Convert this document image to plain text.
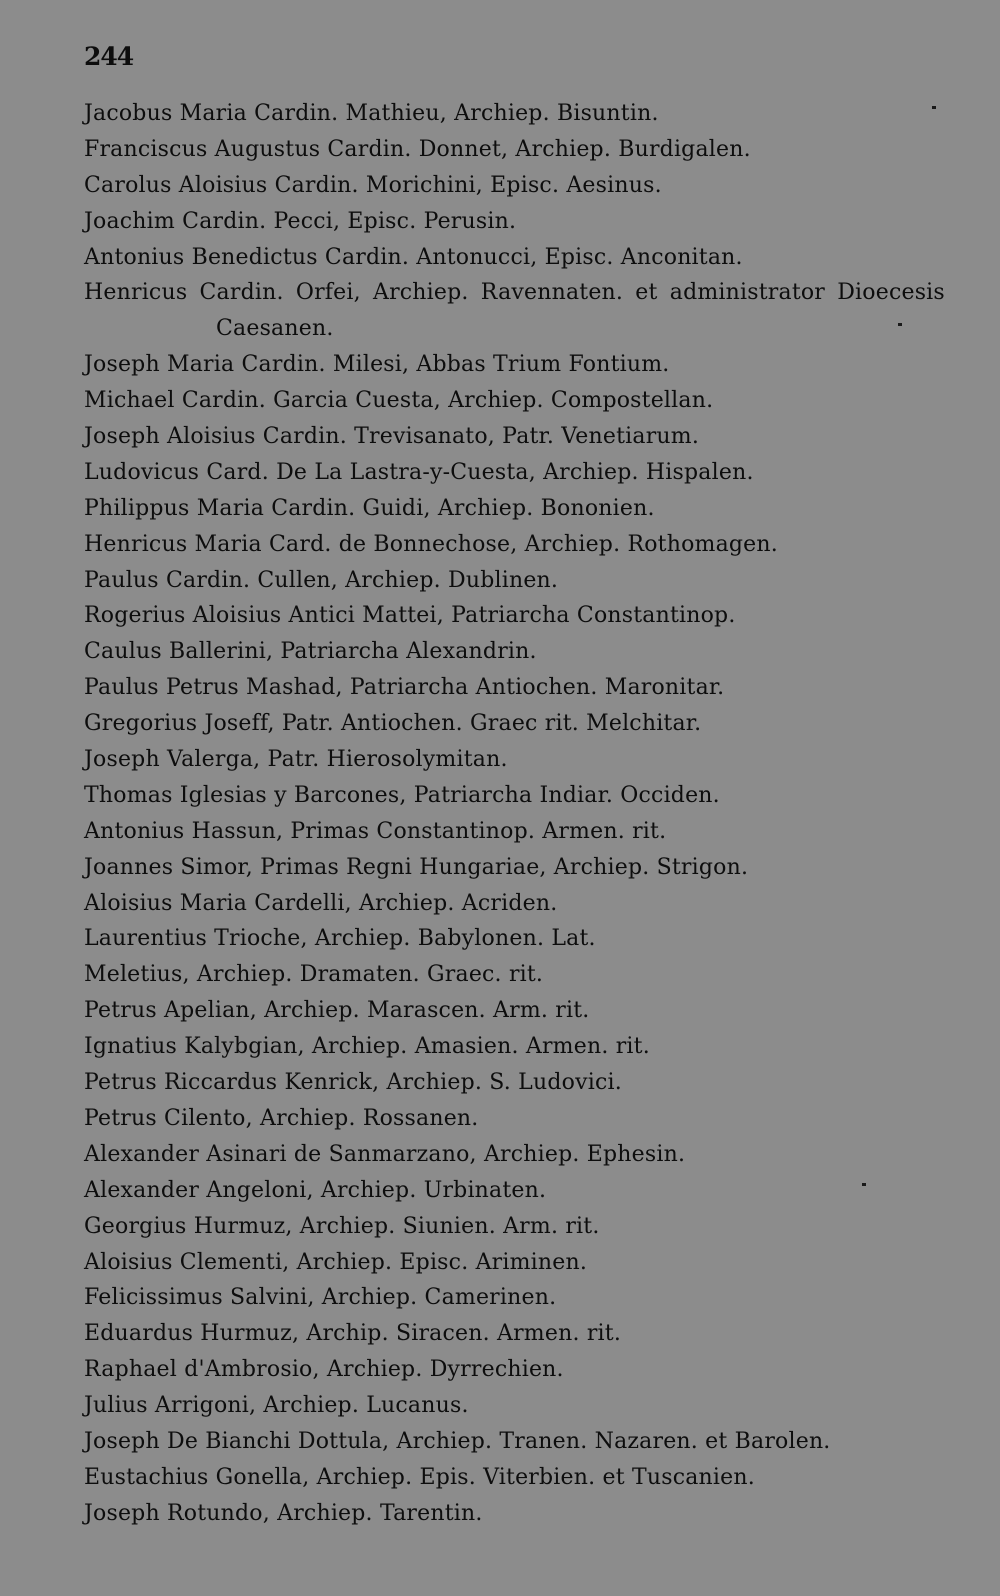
244
Jacobus Maria Cardin. Mathieu, Archiep. Bisuntin.
Franciscus Augustus Cardin. Donnet, Archiep. Burdigalen.
Carolus Aloisius Cardin. Morichini, Episc. Aesinus.
Joachim Cardin. Pecci, Episc. Perusin.
Antonius Benedictus Cardin. Antonucci, Episc. Anconitan.
Henricus Cardin. Orfei, Archiep. Ravennaten. et administrator Dioecesis
Caesanen.
Joseph Maria Cardin. Milesi, Abbas Trium Fontium.
Michael Cardin. Garcia Cuesta, Archiep. Compostellan.
Joseph Aloisius Cardin. Trevisanato, Patr. Venetiarum.
Ludovicus Card. De La Lastra-y-Cuesta, Archiep. Hispalen.
Philippus Maria Cardin. Guidi, Archiep. Bononien.
Henricus Maria Card. de Bonnechose, Archiep. Rothomagen.
Paulus Cardin. Cullen, Archiep. Dublinen.
Rogerius Aloisius Antici Mattei, Patriarcha Constantinop.
Caulus Ballerini, Patriarcha Alexandrin.
Paulus Petrus Mashad, Patriarcha Antiochen. Maronitar.
Gregorius Joseff, Patr. Antiochen. Graec rit. Melchitar.
Joseph Valerga, Patr. Hierosolymitan.
Thomas Iglesias y Barcones, Patriarcha Indiar. Occiden.
Antonius Hassun, Primas Constantinop. Armen. rit.
Joannes Simor, Primas Regni Hungariae, Archiep. Strigon.
Aloisius Maria Cardelli, Archiep. Acriden.
Laurentius Trioche, Archiep. Babylonen. Lat.
Meletius, Archiep. Dramaten. Graec. rit.
Petrus Apelian, Archiep. Marascen. Arm. rit.
Ignatius Kalybgian, Archiep. Amasien. Armen. rit.
Petrus Riccardus Kenrick, Archiep. S. Ludovici.
Petrus Cilento, Archiep. Rossanen.
Alexander Asinari de Sanmarzano, Archiep. Ephesin.
Alexander Angeloni, Archiep. Urbinaten.
Georgius Hurmuz, Archiep. Siunien. Arm. rit.
Aloisius Clementi, Archiep. Episc. Ariminen.
Felicissimus Salvini, Archiep. Camerinen.
Eduardus Hurmuz, Archip. Siracen. Armen. rit.
Raphael d'Ambrosio, Archiep. Dyrrechien.
Julius Arrigoni, Archiep. Lucanus.
Joseph De Bianchi Dottula, Archiep. Tranen. Nazaren. et Barolen.
Eustachius Gonella, Archiep. Epis. Viterbien. et Tuscanien.
Joseph Rotundo, Archiep. Tarentin.
